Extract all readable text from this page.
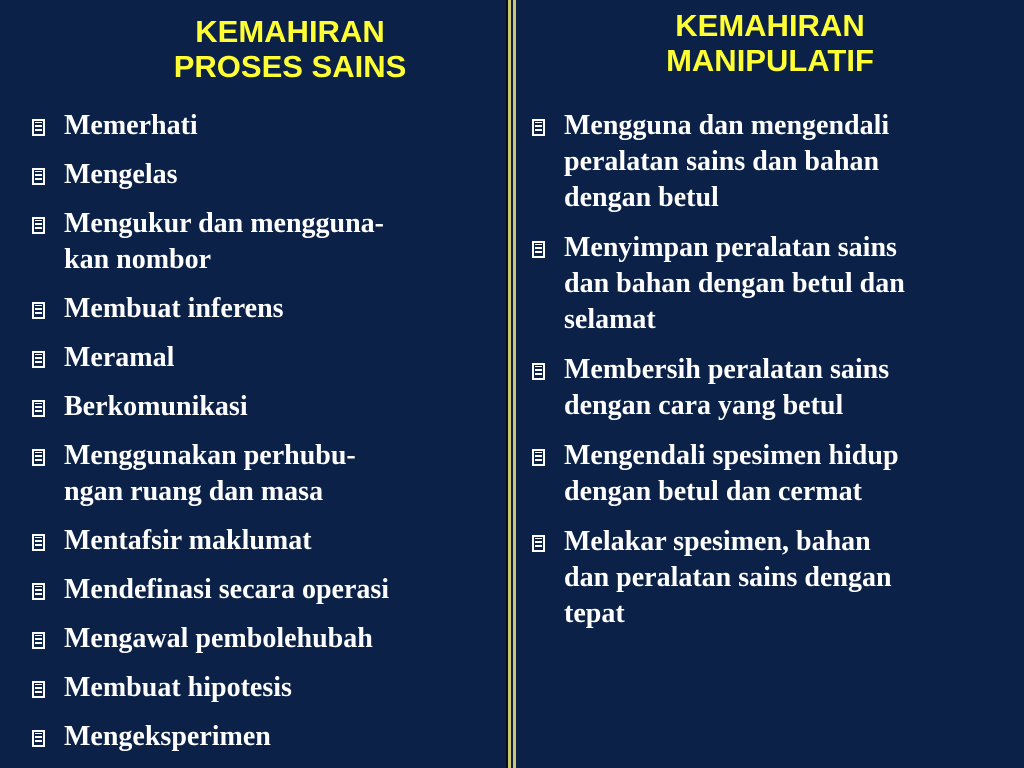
KEMAHIRAN
PROSES SAINS
Memerhati
Mengelas
Mengukur dan mengguna-
kan nombor
Membuat inferens
Meramal
Berkomunikasi
Menggunakan perhubu-
ngan ruang dan masa
Mentafsir maklumat
Mendefinasi secara operasi
Mengawal pembolehubah
Membuat hipotesis
Mengeksperimen
KEMAHIRAN
MANIPULATIF
Mengguna dan mengendali
peralatan sains dan bahan
dengan betul
Menyimpan peralatan sains
dan bahan dengan betul dan
selamat
Membersih peralatan sains
dengan cara yang betul
Mengendali spesimen hidup
dengan betul dan cermat
Melakar spesimen, bahan
dan peralatan sains dengan
tepat
